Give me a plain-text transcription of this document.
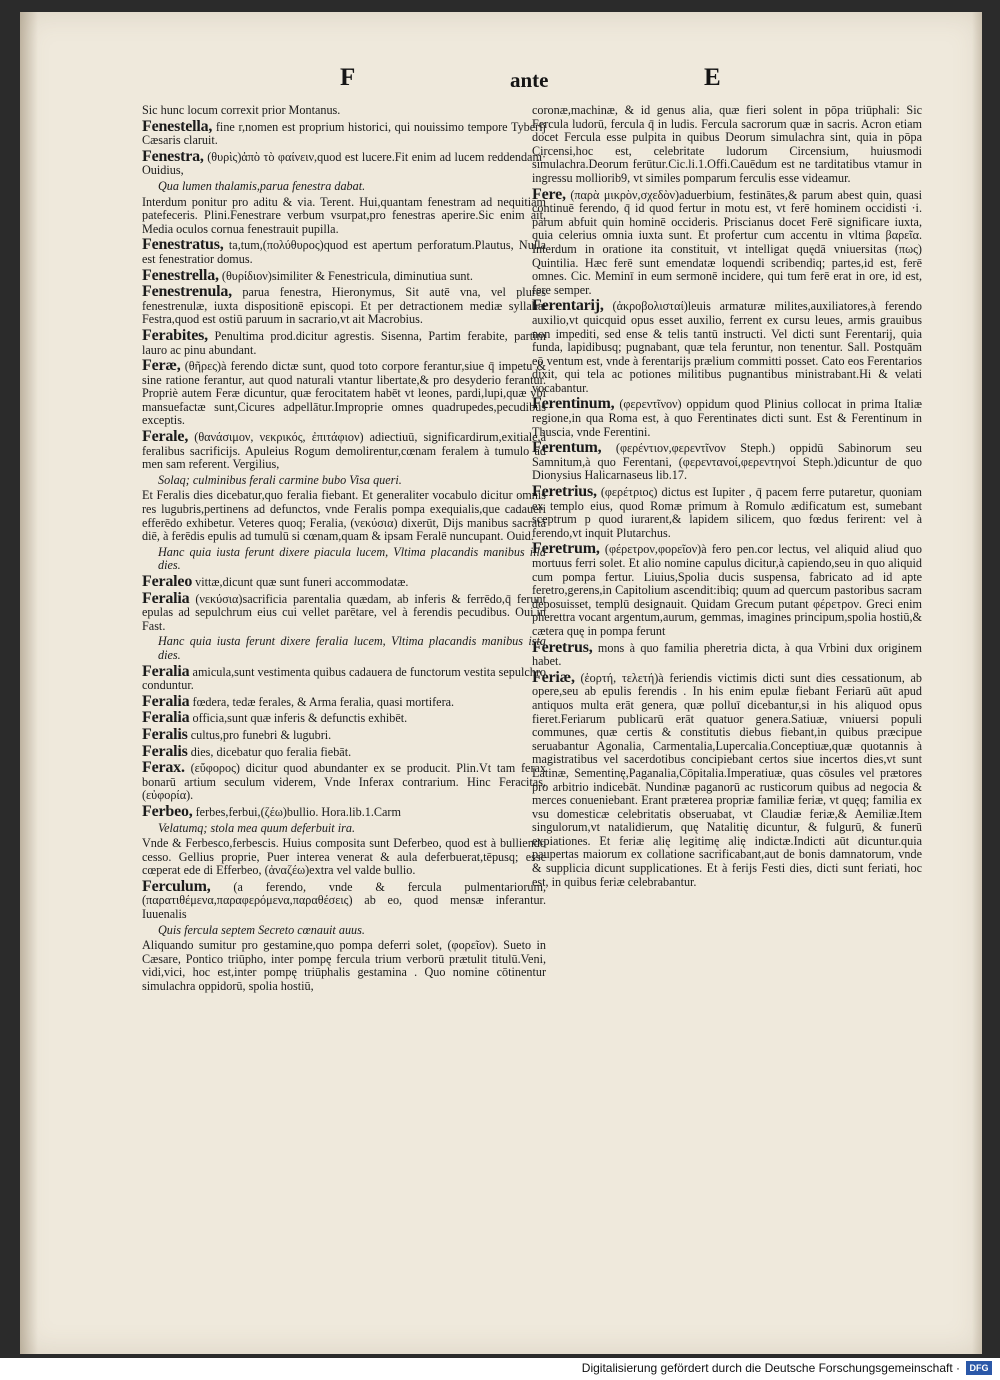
F	ante	E
Sic hunc locum correxit prior Montanus.
Fenestella, fine r,nomen est proprium historici, qui nouissimo tempore Tyberij Cæsaris claruit.
Fenestra, (θυρὶς)ἀπὸ τὸ φαίνειν,quod est lucere.Fit enim ad lucem reddendam· Ouidius,
Qua lumen thalamis,parua fenestra dabat.
Interdum ponitur pro aditu & via. Terent. Hui,quantam fenestram ad nequitiam patefeceris. Plini.Fenestrare verbum vsurpat,pro fenestras aperire.Sic enim ait, Media oculos cornua fenestrauit pupilla.
Fenestratus, ta,tum,(πολύθυρος)quod est apertum perforatum.Plautus, Nulla est fenestratior domus.
Fenestrella, (θυρίδιον)similiter & Fenestricula, diminutiua sunt.
Fenestrenula, parua fenestra, Hieronymus, Sit autē vna, vel plures fenestrenulæ, iuxta dispositionē episcopi. Et per detractionem mediæ syllabæ Festra,quod est ostiū paruum in sacrario,vt ait Macrobius.
Ferabites, Penultima prod.dicitur agrestis. Sisenna, Partim ferabite, partim lauro ac pinu abundant.
Feræ, (θῆρες)à ferendo dictæ sunt, quod toto corpore ferantur,siue q̄ impetu & sine ratione ferantur, aut quod naturali vtantur libertate,& pro desyderio ferantur. Propriè autem Feræ dicuntur, quæ ferocitatem habēt vt leones, pardi,lupi,quæ vbi mansuefactæ sunt,Cicures adpellātur.Improprie omnes quadrupedes,pecudibus exceptis.
Ferale, (θανάσιμον, νεκρικός, ἐπιτάφιον) adiectiuū, significardirum,exitiale,à feralibus sacrificijs. Apuleius Rogum demolirentur,cœnam feralem à tumulo ad men sam referent. Vergilius,
Solaq; culminibus ferali carmine bubo Visa queri.
Et Feralis dies dicebatur,quo feralia fiebant. Et generaliter vocabulo dicitur omnis res lugubris,pertinens ad defunctos, vnde Feralis pompa exequialis,que cadaueri efferēdo exhibetur. Veteres quoq; Feralia, (νεκύσια) dixerūt, Dijs manibus sacratā diē, à ferēdis epulis ad tumulū si cœnam,quam & ipsam Feralē nuncupant. Ouid.
Hanc quia iusta ferunt dixere piacula lucem, Vltima placandis manibus illa dies.
Feraleo vittæ,dicunt quæ sunt funeri accommodatæ.
Feralia (νεκύσια)sacrificia parentalia quædam, ab inferis & ferrēdo,q̄ ferunt epulas ad sepulchrum eius cui vellet parētare, vel à ferendis pecudibus. Oui.in Fast.
Hanc quia iusta ferunt dixere feralia lucem, Vltima placandis manibus ista dies.
Feralia amicula,sunt vestimenta quibus cadauera de functorum vestita sepulchro conduntur.
Feralia fœdera, tedæ ferales, & Arma feralia, quasi mortifera.
Feralia officia,sunt quæ inferis & defunctis exhibēt.
Feralis cultus,pro funebri & lugubri.
Feralis dies, dicebatur quo feralia fiebāt.
Ferax. (εὔφορος) dicitur quod abundanter ex se producit. Plin.Vt tam ferax bonarū artium seculum viderem, Vnde Inferax contrarium. Hinc Feracitas, (εὐφορία).
Ferbeo, ferbes,ferbui,(ζέω)bullio. Hora.lib.1.Carm
Velatumq; stola mea quum deferbuit ira.
Vnde & Ferbesco,ferbescis. Huius composita sunt Deferbeo, quod est à bulliendo cesso. Gellius proprie, Puer interea venerat & aula deferbuerat,tēpusq; esse cœperat ede di Efferbeo, (ἀναζέω)extra vel valde bullio.
Ferculum, (a ferendo, vnde & fercula pulmentariorum,(παρατιθέμενα,παραφερόμενα,παραθέσεις) ab eo, quod mensæ inferantur. Iuuenalis
Quis fercula septem Secreto cœnauit auus.
Aliquando sumitur pro gestamine,quo pompa deferri solet, (φορεῖον). Sueto in Cæsare, Pontico triūpho, inter pompę fercula trium verborū prætulit titulū.Veni, vidi,vici, hoc est,inter pompę triūphalis gestamina . Quo nomine cōtinentur simulachra oppidorū, spolia hostiū,
coronæ,machinæ, & id genus alia, quæ fieri solent in pōpa triūphali: Sic Fercula ludorū, fercula q̄ in ludis. Fercula sacrorum quæ in sacris. Acron etiam docet Fercula esse pulpita in quibus Deorum simulachra sint, quia in pōpa Circensi,hoc est, celebritate ludorum Circensium, huiusmodi simulachra.Deorum ferūtur.Cic.li.1.Offi.Cauēdum est ne tarditatibus vtamur in ingressu molliorib9, vt similes pomparum ferculis esse videamur.
Fere, (παρὰ μικρὸν,σχεδὸν)aduerbium, festinātes,& parum abest quin, quasi continuē ferendo, q̄ id quod fertur in motu est, vt ferē hominem occidisti ·i. parum abfuit quin hominē occideris. Priscianus docet Ferē significare iuxta, quia celerius omnia iuxta sunt. Et profertur cum accentu in vltima βαρεῖα. Interdum in oratione ita constituit, vt intelligat quędā vniuersitas (πως) Quintilia. Hæc ferē sunt emendatæ loquendi scribendiq; partes,id est, ferē omnes. Cic. Meminī in eum sermonē incidere, qui tum ferē erat in ore, id est, fere semper.
Ferentarij, (ἀκροβολισταί)leuis armaturæ milites,auxiliatores,à ferendo auxilio,vt quicquid opus esset auxilio, ferrent ex cursu leues, armis grauibus non impediti, sed ense & telis tantū instructi. Vel dicti sunt Ferentarij, quia funda, lapidibusq; pugnabant, quæ tela feruntur, non tenentur. Sall. Postquām eō ventum est, vnde à ferentarijs prælium committi posset. Cato eos Ferentarios dixit, qui tela ac potiones militibus pugnantibus ministrabant.Hi & velati vocabantur.
Ferentinum, (φερεντῖνον) oppidum quod Plinius collocat in prima Italiæ regione,in qua Roma est, à quo Ferentinates dicti sunt. Est & Ferentinum in Thuscia, vnde Ferentini.
Ferentum, (φερέντιον,φερεντῖνον Steph.) oppidū Sabinorum seu Samnitum,à quo Ferentani, (φερεντανοί,φερεντηνοί Steph.)dicuntur de quo Dionysius Halicarnaseus lib.17.
Feretrius, (φερέτριος) dictus est Iupiter , q̄ pacem ferre putaretur, quoniam ex templo eius, quod Romæ primum à Romulo ædificatum est, sumebant sceptrum p quod iurarent,& lapidem silicem, quo fœdus ferirent: vel à ferendo,vt inquit Plutarchus.
Feretrum, (φέρετρον,φορεῖον)à fero pen.cor lectus, vel aliquid aliud quo mortuus ferri solet. Et alio nomine capulus dicitur,à capiendo,seu in quo aliquid cum pompa fertur. Liuius,Spolia ducis suspensa, fabricato ad id apte feretro,gerens,in Capitolium ascendit:ibiq; quum ad quercum pastoribus sacram deposuisset, templū designauit. Quidam Grecum putant φέρετρον. Greci enim pherettra vocant argentum,aurum, gemmas, imagines principum,spolia hostiū,& cætera quę in pompa ferunt
Feretrus, mons à quo familia pheretria dicta, à qua Vrbini dux originem habet.
Feriæ, (ἑορτή, τελετή)à feriendis victimis dicti sunt dies cessationum, ab opere,seu ab epulis ferendis . In his enim epulæ fiebant Feriarū aūt apud antiquos multa erāt genera, quæ polluī dicebantur,si in his aliquod opus fieret.Feriarum publicarū erāt quatuor genera.Satiuæ, vniuersi populi communes, quæ certis & constitutis diebus fiebant,in quibus præcipue seruabantur Agonalia, Carmentalia,Lupercalia.Conceptiuæ,quæ quotannis à magistratibus vel sacerdotibus concipiebant certos siue incertos dies,vt sunt Latinæ, Sementinę,Paganalia,Cōpitalia.Imperatiuæ, quas cōsules vel prætores pro arbitrio indicebāt. Nundinæ paganorū ac rusticorum quibus ad negocia & merces conueniebant. Erant præterea propriæ familiæ feriæ, vt quęq; familia ex vsu domesticæ celebritatis obseruabat, vt Claudiæ feriæ,& Aemiliæ.Item singulorum,vt natalidierum, quę Natalitię dicuntur, & fulgurū, & funerū expiationes. Et feriæ alię legitimę alię indictæ.Indicti aūt dicuntur.quia paupertas maiorum ex collatione sacrificabant,aut de bonis damnatorum, vnde & supplicia dicunt supplicationes. Et à ferijs Festi dies, dicti sunt feriati, hoc est, in quibus feriæ celebrabantur.
Digitalisierung gefördert durch die Deutsche Forschungsgemeinschaft ·	DFG
